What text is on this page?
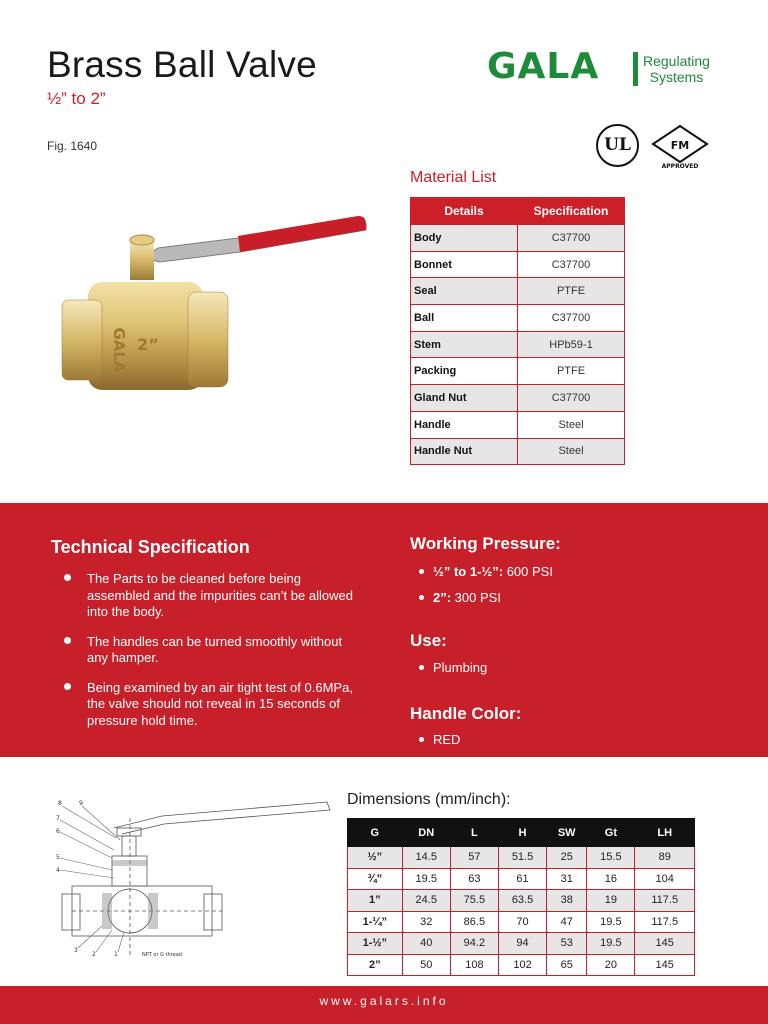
Brass Ball Valve
½” to 2”
Fig. 1640
GALA	Regulating
Systems
UL	FM
APPROVED
GALA 2”
Material List
Details	Specification
Body	C37700
Bonnet	C37700
Seal	PTFE
Ball	C37700
Stem	HPb59-1
Packing	PTFE
Gland Nut	C37700
Handle	Steel
Handle Nut	Steel
Technical Specification
The Parts to be cleaned before being assembled and the impurities can’t be allowed into the body.
The handles can be turned smoothly without any hamper.
Being examined by an air tight test of 0.6MPa, the valve should not reveal in 15 seconds of pressure hold time.
Working Pressure:
½” to 1-½”: 600 PSI
2”: 300 PSI
Use:
Plumbing
Handle Color:
RED
8	9
7
6
5
4
3
2	1	NPT or G thread
Dimensions (mm/inch):
G	DN	L	H	SW	Gt	LH
½”	14.5	57	51.5	25	15.5	89
¾”	19.5	63	61	31	16	104
1”	24.5	75.5	63.5	38	19	117.5
1-¼”	32	86.5	70	47	19.5	117.5
1-½”	40	94.2	94	53	19.5	145
2”	50	108	102	65	20	145
www.galars.info
